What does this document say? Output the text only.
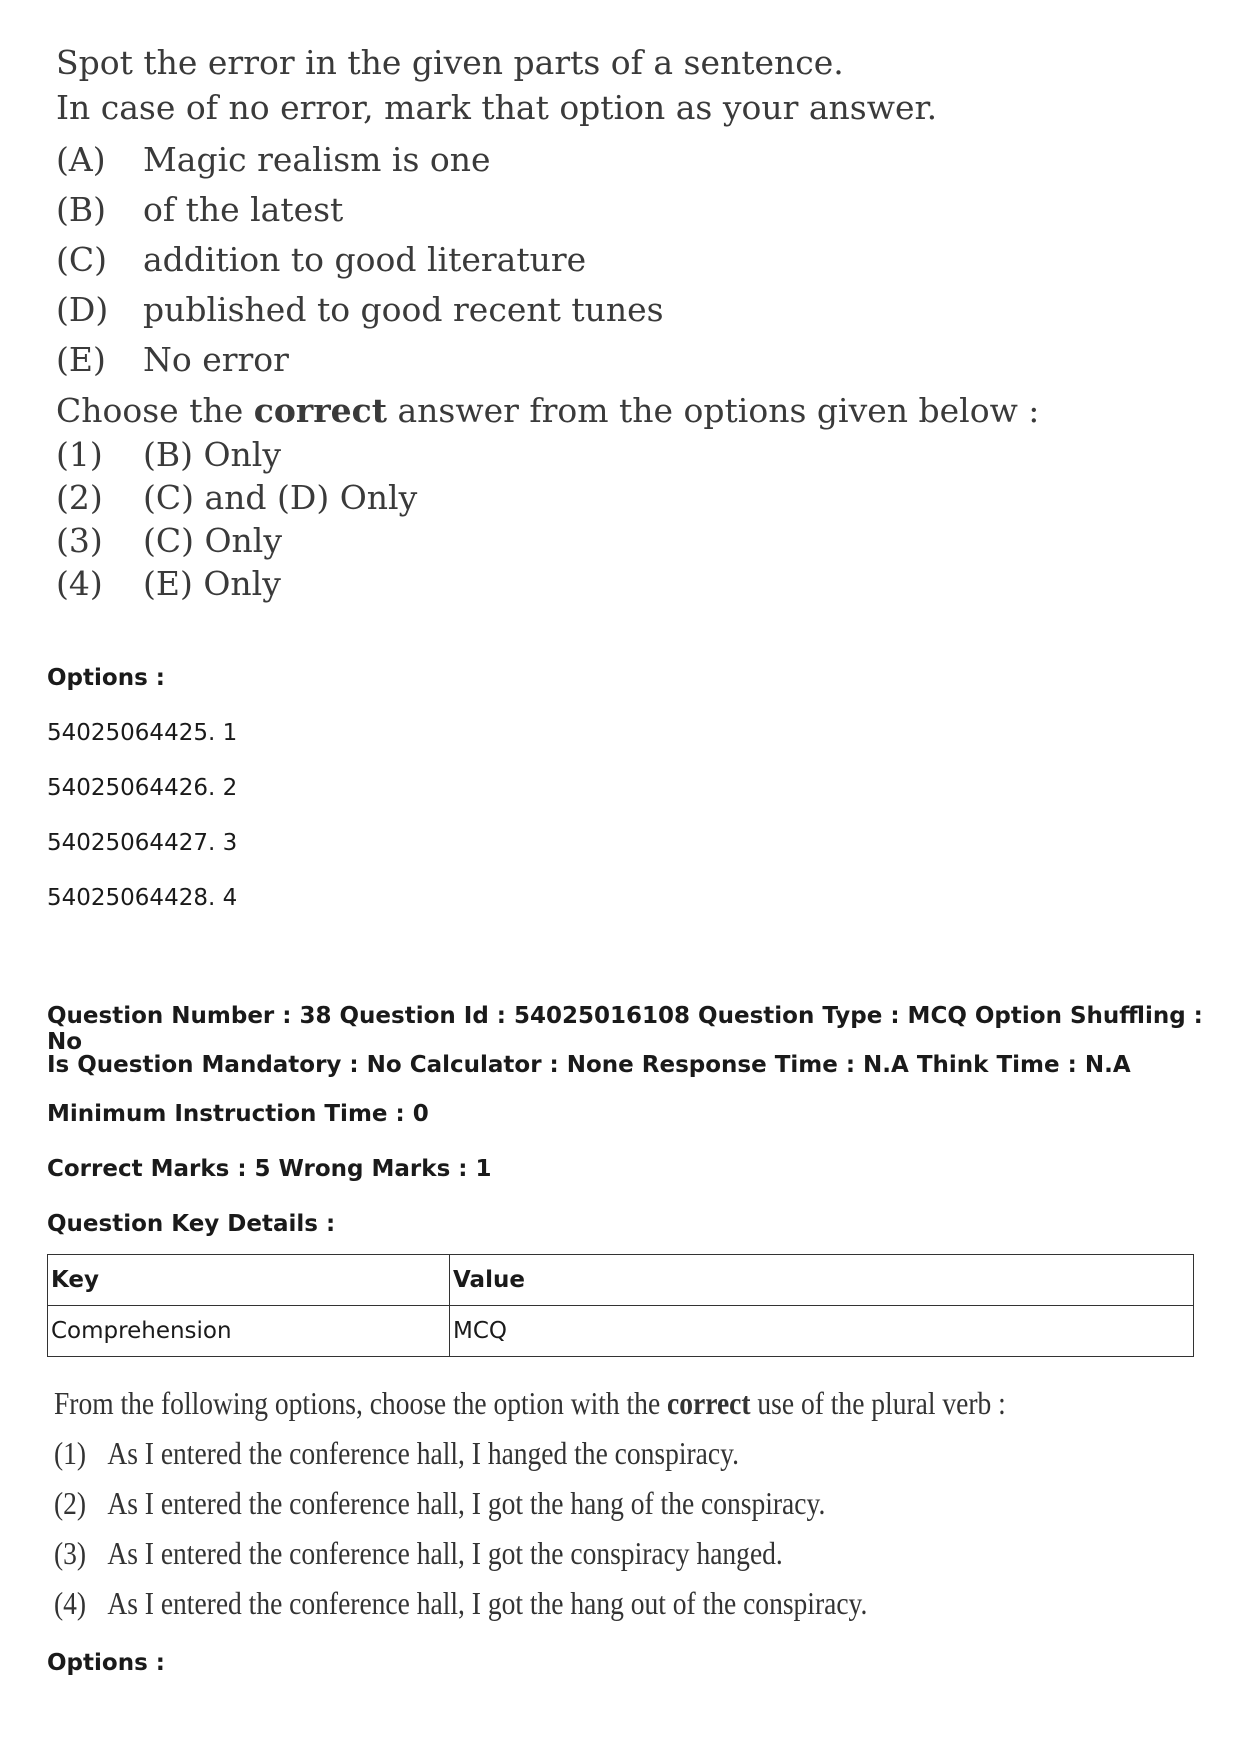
Spot the error in the given parts of a sentence.
In case of no error, mark that option as your answer.
(A)	Magic realism is one
(B)	of the latest
(C)	addition to good literature
(D)	published to good recent tunes
(E)	No error
Choose the correct answer from the options given below :
(1)	(B) Only
(2)	(C) and (D) Only
(3)	(C) Only
(4)	(E) Only
Options :
54025064425. 1
54025064426. 2
54025064427. 3
54025064428. 4
Question Number : 38 Question Id : 54025016108 Question Type : MCQ Option Shuffling : No
Is Question Mandatory : No Calculator : None Response Time : N.A Think Time : N.A
Minimum Instruction Time : 0
Correct Marks : 5 Wrong Marks : 1
Question Key Details :
Key	Value
Comprehension	MCQ
From the following options, choose the option with the correct use of the plural verb :
(1) As I entered the conference hall, I hanged the conspiracy.
(2) As I entered the conference hall, I got the hang of the conspiracy.
(3) As I entered the conference hall, I got the conspiracy hanged.
(4) As I entered the conference hall, I got the hang out of the conspiracy.
Options :
